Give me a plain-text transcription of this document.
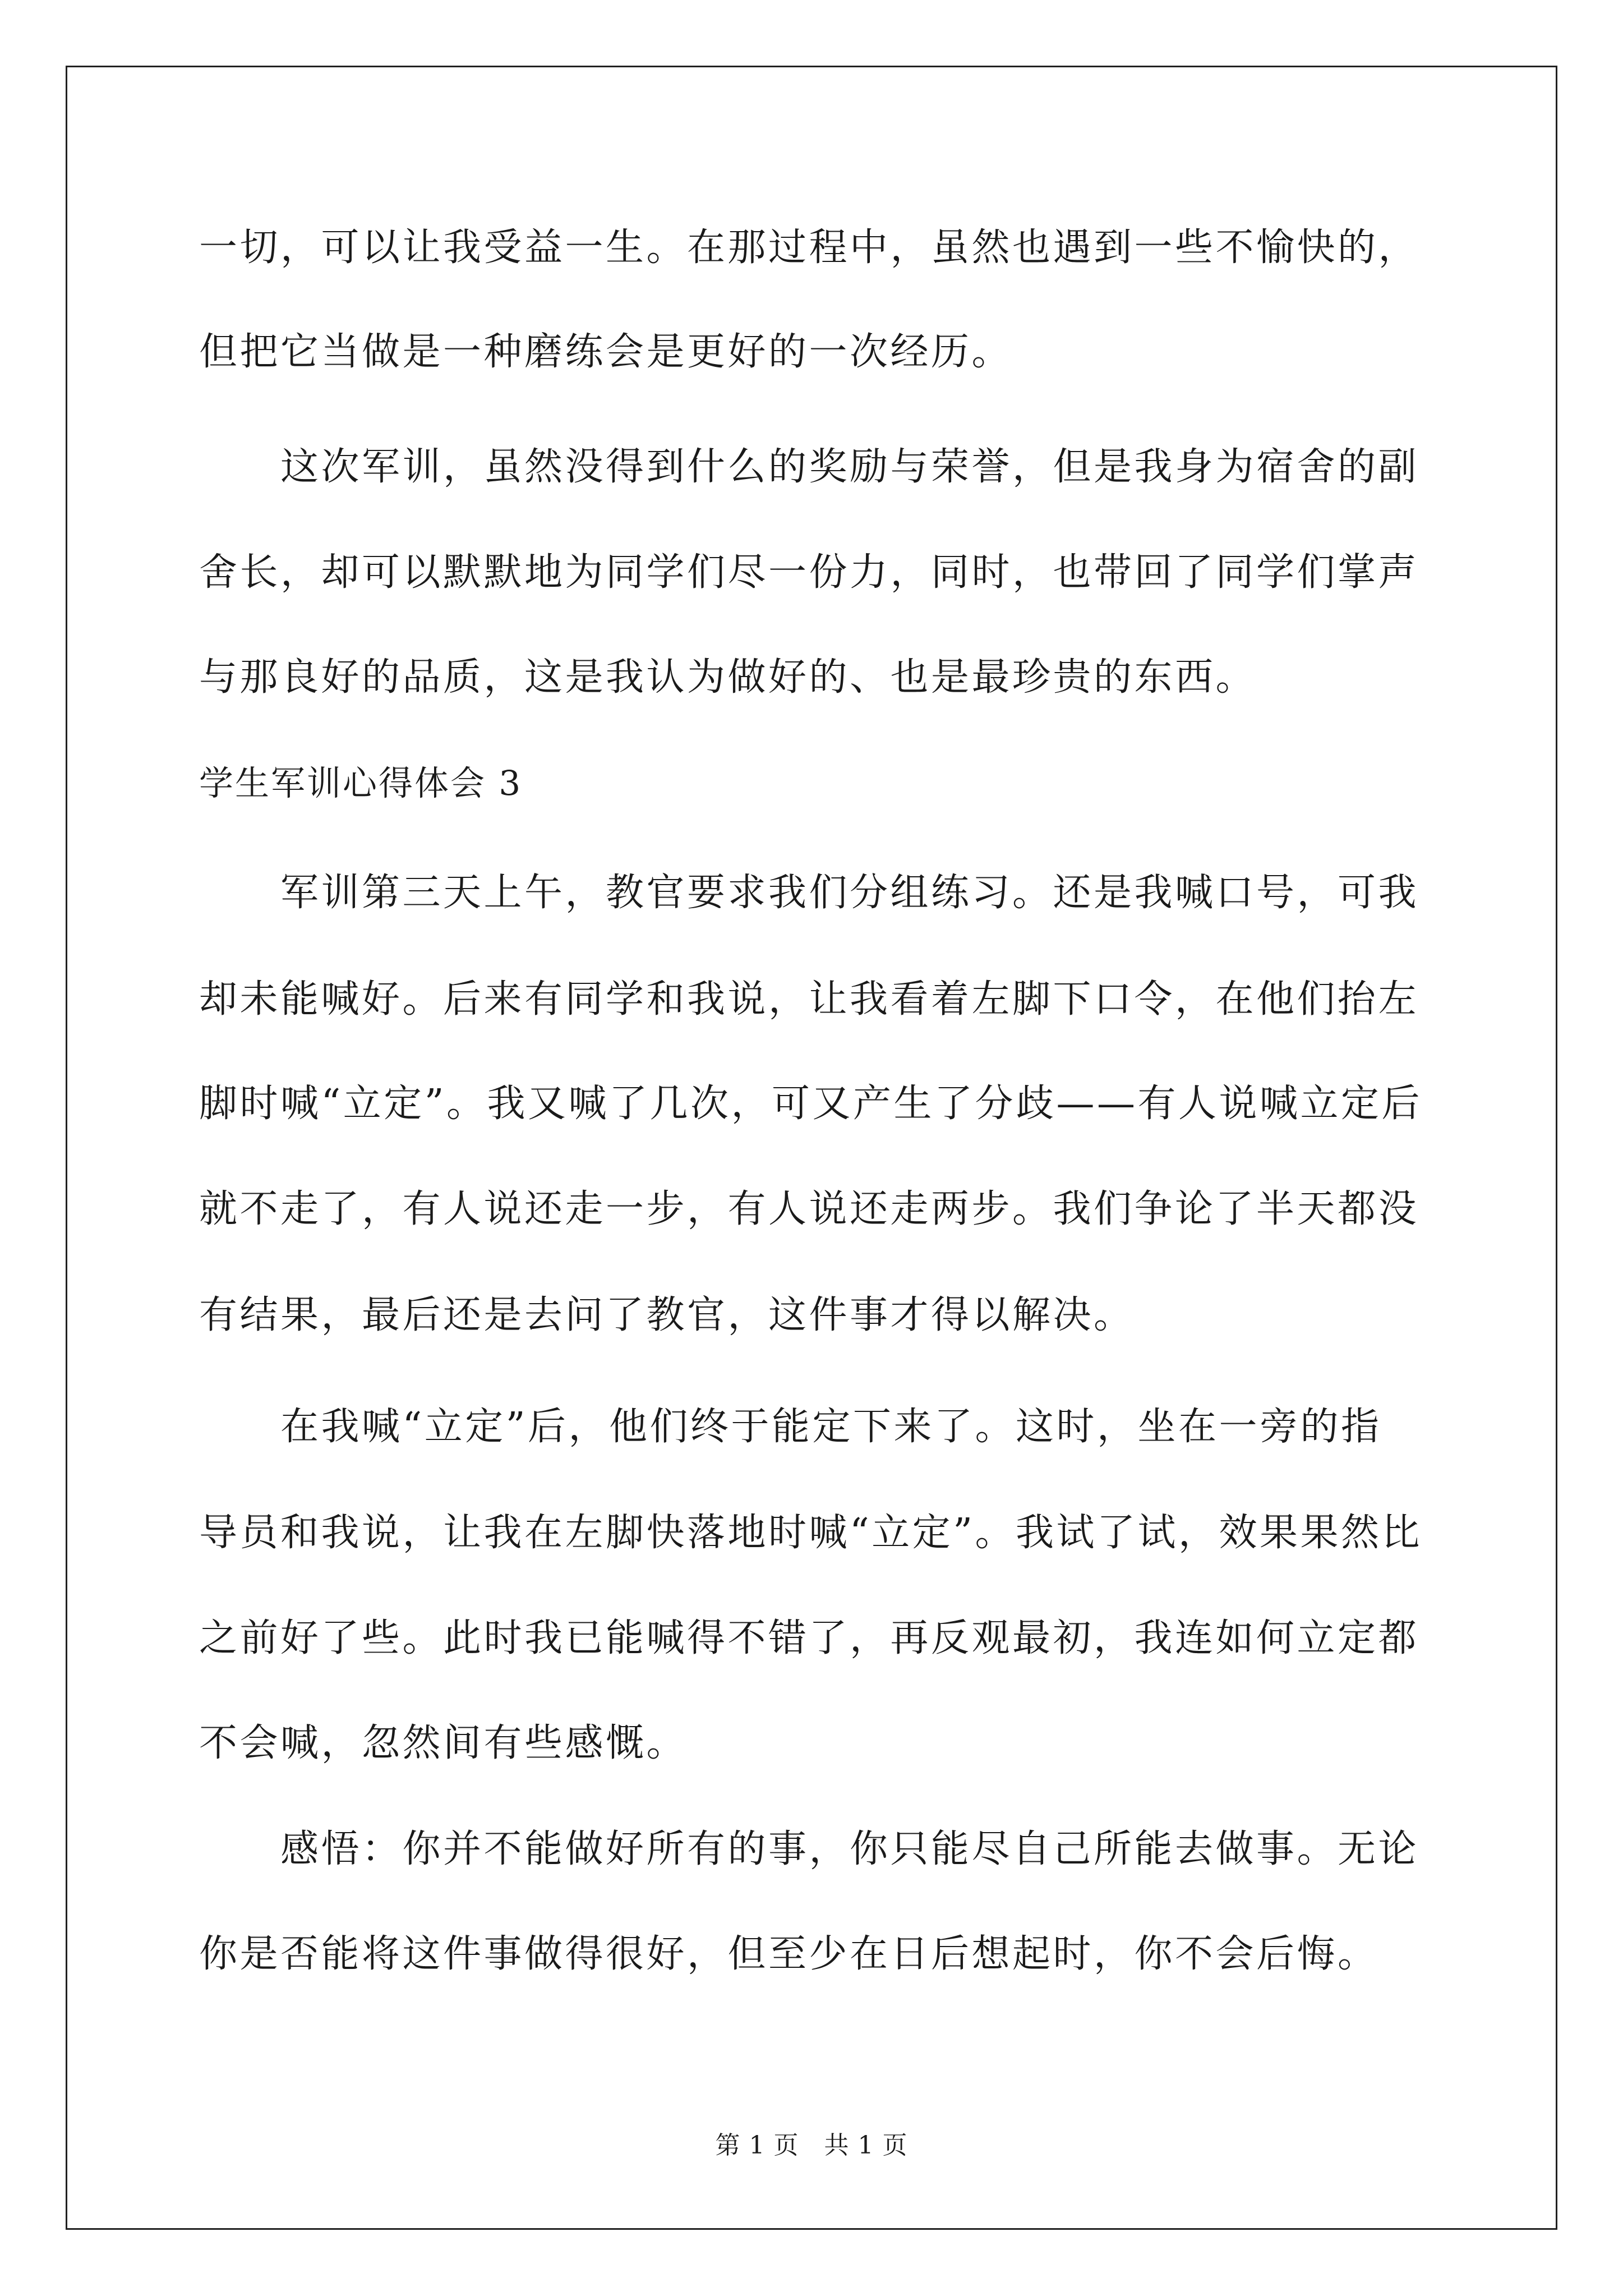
一切，可以让我受益一生。在那过程中，虽然也遇到一些不愉快的，
但把它当做是一种磨练会是更好的一次经历。
　　这次军训，虽然没得到什么的奖励与荣誉，但是我身为宿舍的副
舍长，却可以默默地为同学们尽一份力，同时，也带回了同学们掌声
与那良好的品质，这是我认为做好的、也是最珍贵的东西。
学生军训心得体会 3
　　军训第三天上午，教官要求我们分组练习。还是我喊口号，可我
却未能喊好。后来有同学和我说，让我看着左脚下口令，在他们抬左
脚时喊“立定”。我又喊了几次，可又产生了分歧——有人说喊立定后
就不走了，有人说还走一步，有人说还走两步。我们争论了半天都没
有结果，最后还是去问了教官，这件事才得以解决。
　　在我喊“立定”后，他们终于能定下来了。这时，坐在一旁的指
导员和我说，让我在左脚快落地时喊“立定”。我试了试，效果果然比
之前好了些。此时我已能喊得不错了，再反观最初，我连如何立定都
不会喊，忽然间有些感慨。
　　感悟：你并不能做好所有的事，你只能尽自己所能去做事。无论
你是否能将这件事做得很好，但至少在日后想起时，你不会后悔。
第 1 页　共 1 页
